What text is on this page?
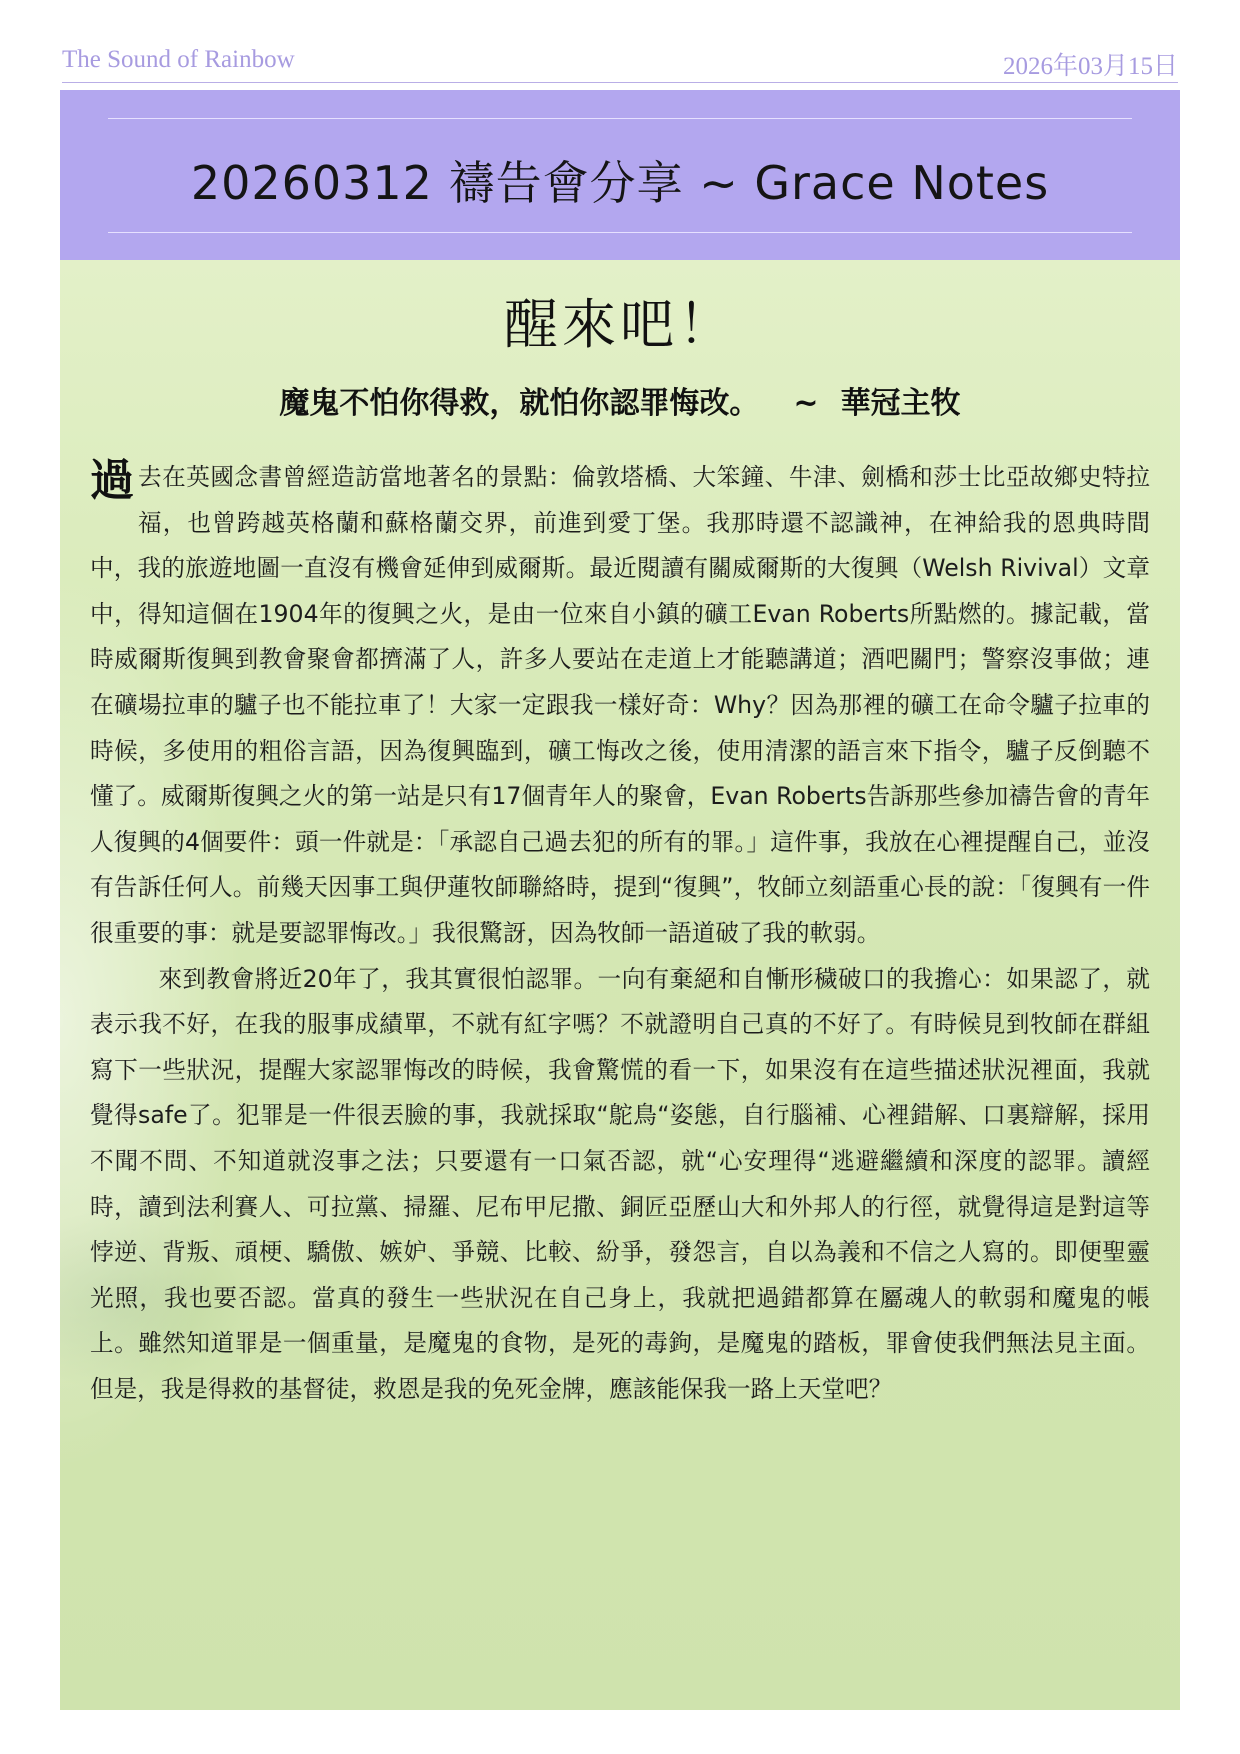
The Sound of Rainbow	2026年03月15日
20260312 禱告會分享 ~ Grace Notes
醒來吧！
魔鬼不怕你得救，就怕你認罪悔改。 ~ 華冠主牧

過去在英國念書曾經造訪當地著名的景點：倫敦塔橋、大笨鐘、牛津、劍橋和莎士比亞故鄉史特拉福，也曾跨越英格蘭和蘇格蘭交界，前進到愛丁堡。我那時還不認識神，在神給我的恩典時間中，我的旅遊地圖一直沒有機會延伸到威爾斯。最近閱讀有關威爾斯的大復興（Welsh Rivival）文章中，得知這個在1904年的復興之火，是由一位來自小鎮的礦工Evan Roberts所點燃的。據記載，當時威爾斯復興到教會聚會都擠滿了人，許多人要站在走道上才能聽講道；酒吧關門；警察沒事做；連在礦場拉車的驢子也不能拉車了！大家一定跟我一樣好奇：Why？因為那裡的礦工在命令驢子拉車的時候，多使用的粗俗言語，因為復興臨到，礦工悔改之後，使用清潔的語言來下指令，驢子反倒聽不懂了。威爾斯復興之火的第一站是只有17個青年人的聚會，Evan Roberts告訴那些參加禱告會的青年人復興的4個要件：頭一件就是：「承認自己過去犯的所有的罪。」這件事，我放在心裡提醒自己，並沒有告訴任何人。前幾天因事工與伊蓮牧師聯絡時，提到“復興”，牧師立刻語重心長的說：「復興有一件很重要的事：就是要認罪悔改。」我很驚訝，因為牧師一語道破了我的軟弱。

來到教會將近20年了，我其實很怕認罪。一向有棄絕和自慚形穢破口的我擔心：如果認了，就表示我不好，在我的服事成績單，不就有紅字嗎？不就證明自己真的不好了。有時候見到牧師在群組寫下一些狀況，提醒大家認罪悔改的時候，我會驚慌的看一下，如果沒有在這些描述狀況裡面，我就覺得safe了。犯罪是一件很丟臉的事，我就採取“鴕鳥“姿態，自行腦補、心裡錯解、口裏辯解，採用不聞不問、不知道就沒事之法；只要還有一口氣否認，就“心安理得“逃避繼續和深度的認罪。讀經時，讀到法利賽人、可拉黨、掃羅、尼布甲尼撒、銅匠亞歷山大和外邦人的行徑，就覺得這是對這等悖逆、背叛、頑梗、驕傲、嫉妒、爭競、比較、紛爭，發怨言，自以為義和不信之人寫的。即便聖靈光照，我也要否認。當真的發生一些狀況在自己身上，我就把過錯都算在屬魂人的軟弱和魔鬼的帳上。雖然知道罪是一個重量，是魔鬼的食物，是死的毒鉤，是魔鬼的踏板，罪會使我們無法見主面。但是，我是得救的基督徒，救恩是我的免死金牌，應該能保我一路上天堂吧？
